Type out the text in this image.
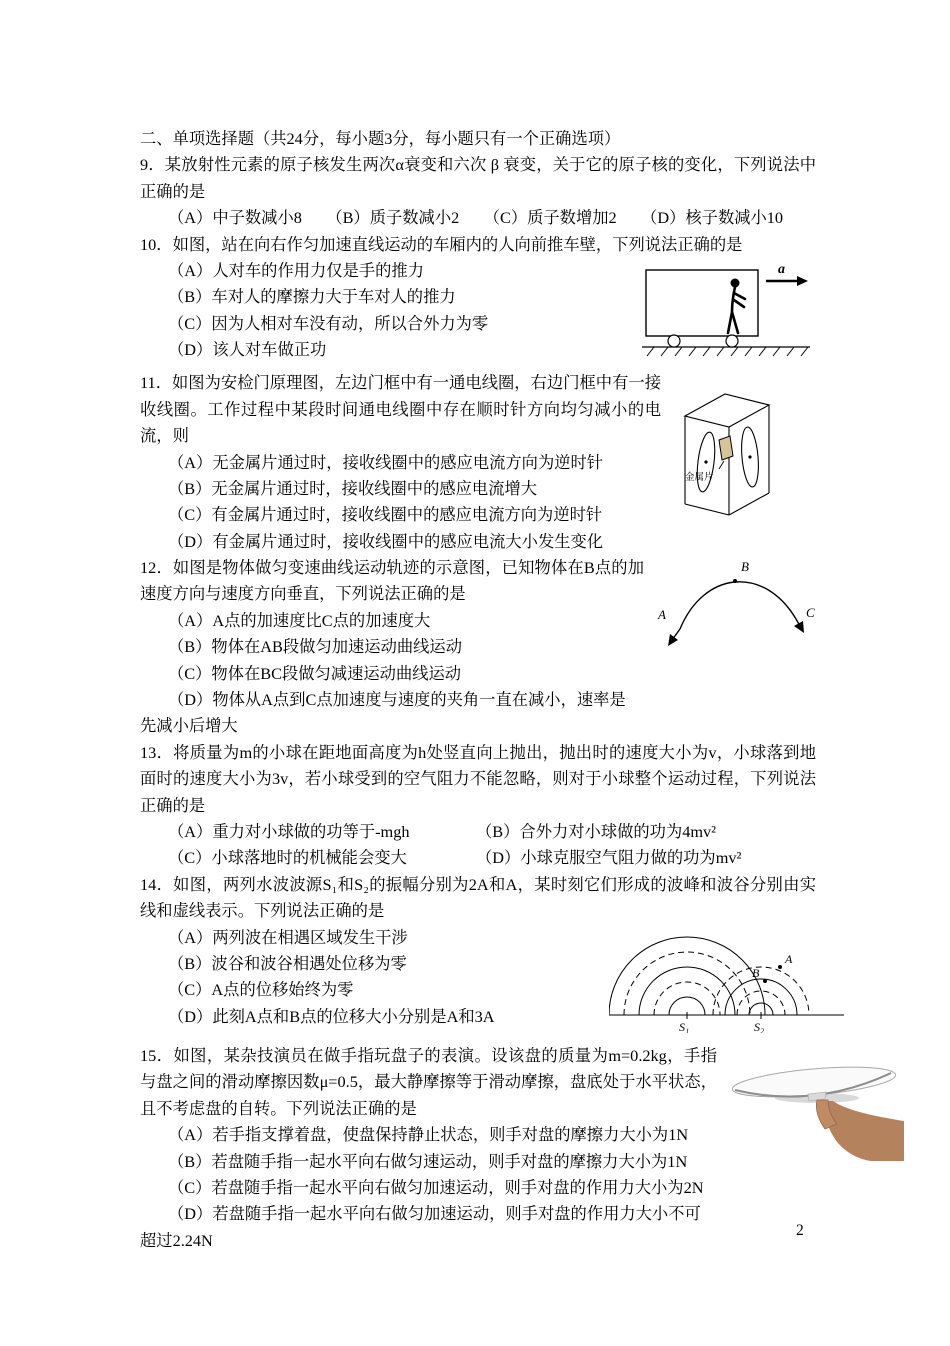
二、单项选择题（共24分，每小题3分，每小题只有一个正确选项）

9．某放射性元素的原子核发生两次α衰变和六次 β 衰变，关于它的原子核的变化，下列说法中正确的是

（A）中子数减小8　　（B）质子数减小2　　（C）质子数增加2　　（D）核子数减小10

10．如图，站在向右作匀加速直线运动的车厢内的人向前推车壁，下列说法正确的是

a

（A）人对车的作用力仅是手的推力

（B）车对人的摩擦力大于车对人的推力

（C）因为人相对车没有动，所以合外力为零

（D）该人对车做正功

金属片

11．如图为安检门原理图，左边门框中有一通电线圈，右边门框中有一接收线圈。工作过程中某段时间通电线圈中存在顺时针方向均匀减小的电流，则

（A）无金属片通过时，接收线圈中的感应电流方向为逆时针

（B）无金属片通过时，接收线圈中的感应电流增大

（C）有金属片通过时，接收线圈中的感应电流方向为逆时针

（D）有金属片通过时，接收线圈中的感应电流大小发生变化

A
B
C

12．如图是物体做匀变速曲线运动轨迹的示意图，已知物体在B点的加速度方向与速度方向垂直，下列说法正确的是

（A）A点的加速度比C点的加速度大

（B）物体在AB段做匀加速运动曲线运动

（C）物体在BC段做匀减速运动曲线运动

（D）物体从A点到C点加速度与速度的夹角一直在减小，速率是

先减小后增大

13．将质量为m的小球在距地面高度为h处竖直向上抛出，抛出时的速度大小为v，小球落到地面时的速度大小为3v，若小球受到的空气阻力不能忽略，则对于小球整个运动过程，下列说法正确的是

（A）重力对小球做的功等于-mgh	（B）合外力对小球做的功为4mv²
（C）小球落地时的机械能会变大	（D）小球克服空气阻力做的功为mv²

14．如图，两列水波波源S₁和S₂的振幅分别为2A和A，某时刻它们形成的波峰和波谷分别由实线和虚线表示。下列说法正确的是

A
B
S₁	S₂

（A）两列波在相遇区域发生干涉

（B）波谷和波谷相遇处位移为零

（C）A点的位移始终为零

（D）此刻A点和B点的位移大小分别是A和3A

15．如图，某杂技演员在做手指玩盘子的表演。设该盘的质量为m=0.2kg，手指与盘之间的滑动摩擦因数μ=0.5，最大静摩擦等于滑动摩擦，盘底处于水平状态，且不考虑盘的自转。下列说法正确的是

（A）若手指支撑着盘，使盘保持静止状态，则手对盘的摩擦力大小为1N

（B）若盘随手指一起水平向右做匀速运动，则手对盘的摩擦力大小为1N

（C）若盘随手指一起水平向右做匀加速运动，则手对盘的作用力大小为2N

（D）若盘随手指一起水平向右做匀加速运动，则手对盘的作用力大小不可

超过2.24N

2
